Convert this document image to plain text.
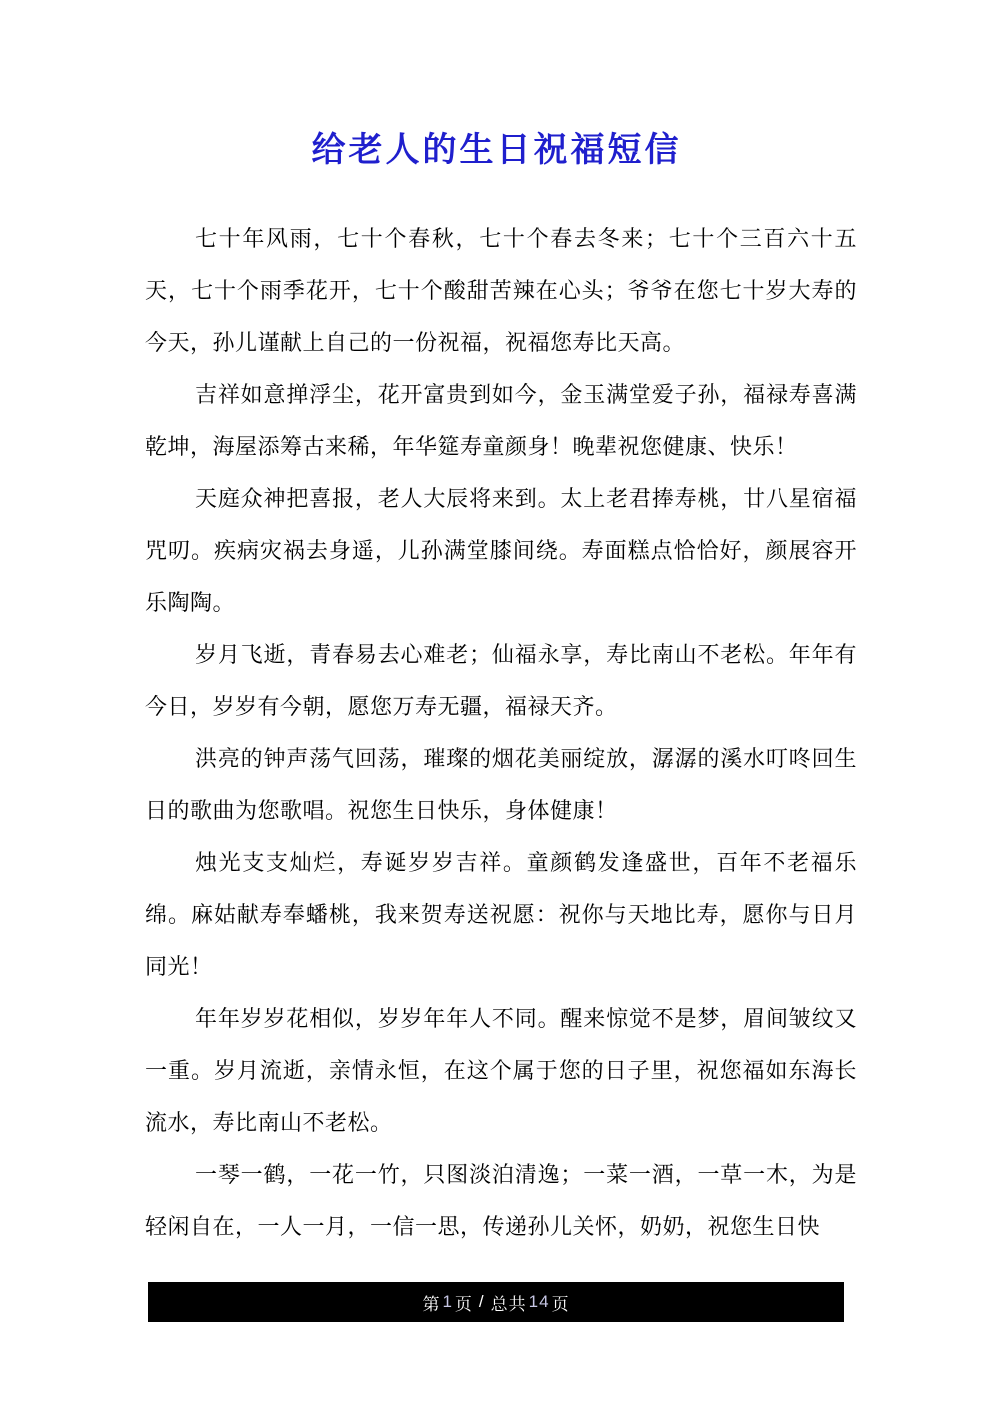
给老人的生日祝福短信

七十年风雨，七十个春秋，七十个春去冬来；七十个三百六十五天，七十个雨季花开，七十个酸甜苦辣在心头；爷爷在您七十岁大寿的今天，孙儿谨献上自己的一份祝福，祝福您寿比天高。

吉祥如意掸浮尘，花开富贵到如今，金玉满堂爱子孙，福禄寿喜满乾坤，海屋添筹古来稀，年华筵寿童颜身！晚辈祝您健康、快乐！

天庭众神把喜报，老人大辰将来到。太上老君捧寿桃，廿八星宿福咒叨。疾病灾祸去身遥，儿孙满堂膝间绕。寿面糕点恰恰好，颜展容开乐陶陶。

岁月飞逝，青春易去心难老；仙福永享，寿比南山不老松。年年有今日，岁岁有今朝，愿您万寿无疆，福禄天齐。

洪亮的钟声荡气回荡，璀璨的烟花美丽绽放，潺潺的溪水叮咚回生日的歌曲为您歌唱。祝您生日快乐，身体健康！

烛光支支灿烂，寿诞岁岁吉祥。童颜鹤发逢盛世，百年不老福乐绵。麻姑献寿奉蟠桃，我来贺寿送祝愿：祝你与天地比寿，愿你与日月同光！

年年岁岁花相似，岁岁年年人不同。醒来惊觉不是梦，眉间皱纹又一重。岁月流逝，亲情永恒，在这个属于您的日子里，祝您福如东海长流水，寿比南山不老松。

一琴一鹤，一花一竹，只图淡泊清逸；一菜一酒，一草一木，为是轻闲自在，一人一月，一信一思，传递孙儿关怀，奶奶，祝您生日快

第 1 页 / 总共 14 页
